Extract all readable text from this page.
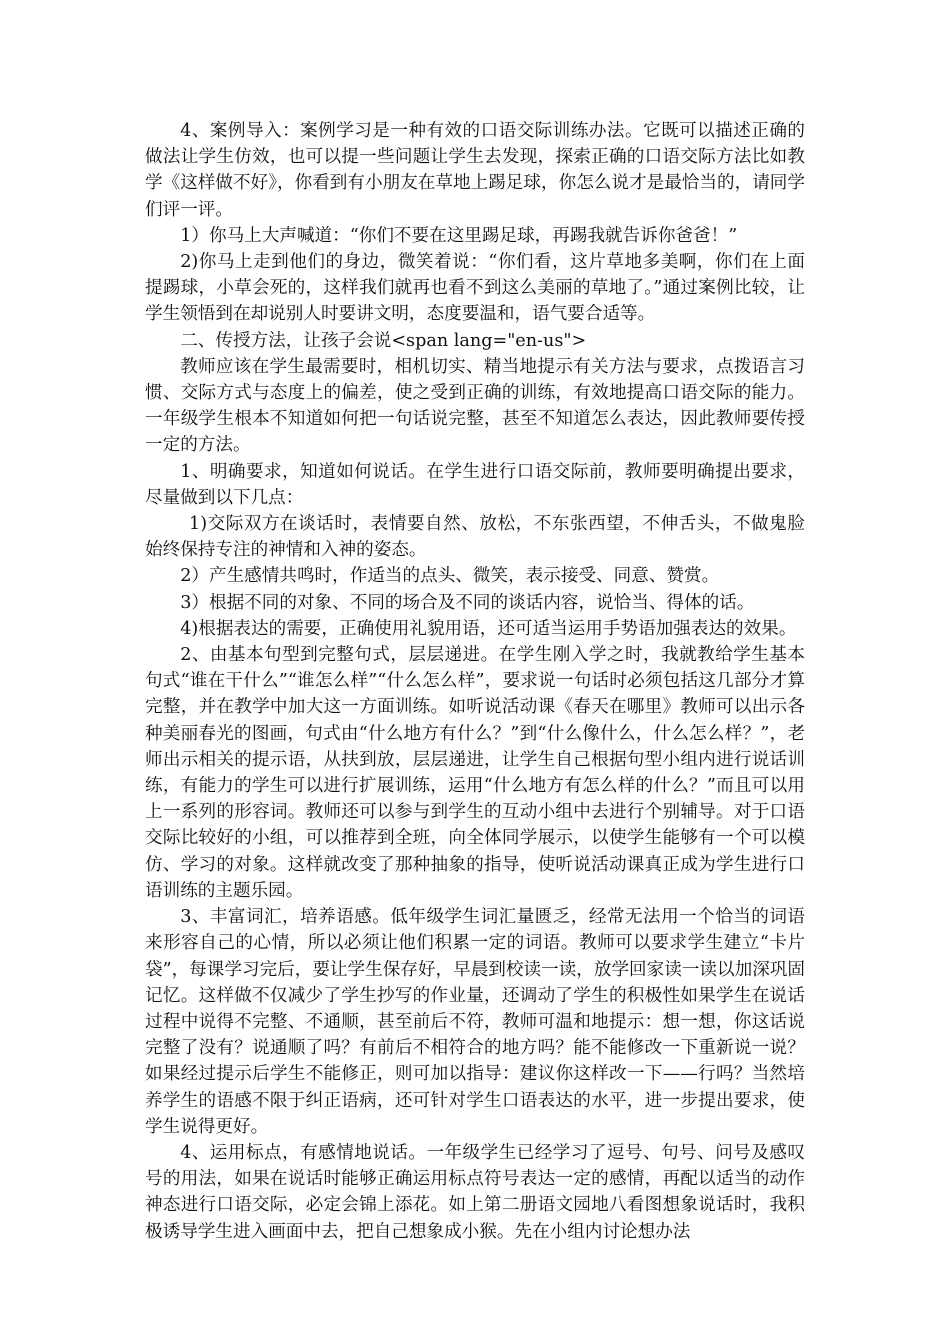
4、案例导入：案例学习是一种有效的口语交际训练办法。它既可以描述正确的做法让学生仿效，也可以提一些问题让学生去发现，探索正确的口语交际方法比如教学《这样做不好》，你看到有小朋友在草地上踢足球，你怎么说才是最恰当的，请同学们评一评。

1）你马上大声喊道：“你们不要在这里踢足球，再踢我就告诉你爸爸！”

2)你马上走到他们的身边，微笑着说：“你们看，这片草地多美啊，你们在上面提踢球，小草会死的，这样我们就再也看不到这么美丽的草地了。”通过案例比较，让学生领悟到在却说别人时要讲文明，态度要温和，语气要合适等。

二、传授方法，让孩子会说<span lang="en-us">

教师应该在学生最需要时，相机切实、精当地提示有关方法与要求，点拨语言习惯、交际方式与态度上的偏差，使之受到正确的训练，有效地提高口语交际的能力。一年级学生根本不知道如何把一句话说完整，甚至不知道怎么表达，因此教师要传授一定的方法。

1、明确要求，知道如何说话。在学生进行口语交际前，教师要明确提出要求，尽量做到以下几点：

1)交际双方在谈话时，表情要自然、放松，不东张西望，不伸舌头，不做鬼脸始终保持专注的神情和入神的姿态。

2）产生感情共鸣时，作适当的点头、微笑，表示接受、同意、赞赏。

3）根据不同的对象、不同的场合及不同的谈话内容，说恰当、得体的话。

4)根据表达的需要，正确使用礼貌用语，还可适当运用手势语加强表达的效果。

2、由基本句型到完整句式，层层递进。在学生刚入学之时，我就教给学生基本句式“谁在干什么”“谁怎么样”“什么怎么样”，要求说一句话时必须包括这几部分才算完整，并在教学中加大这一方面训练。如听说活动课《春天在哪里》教师可以出示各种美丽春光的图画，句式由“什么地方有什么？”到“什么像什么，什么怎么样？”，老师出示相关的提示语，从扶到放，层层递进，让学生自己根据句型小组内进行说话训练，有能力的学生可以进行扩展训练，运用“什么地方有怎么样的什么？”而且可以用上一系列的形容词。教师还可以参与到学生的互动小组中去进行个别辅导。对于口语交际比较好的小组，可以推荐到全班，向全体同学展示，以使学生能够有一个可以模仿、学习的对象。这样就改变了那种抽象的指导，使听说活动课真正成为学生进行口语训练的主题乐园。

3、丰富词汇，培养语感。低年级学生词汇量匮乏，经常无法用一个恰当的词语来形容自己的心情，所以必须让他们积累一定的词语。教师可以要求学生建立“卡片袋”，每课学习完后，要让学生保存好，早晨到校读一读，放学回家读一读以加深巩固记忆。这样做不仅减少了学生抄写的作业量，还调动了学生的积极性如果学生在说话过程中说得不完整、不通顺，甚至前后不符，教师可温和地提示：想一想，你这话说完整了没有？说通顺了吗？有前后不相符合的地方吗？能不能修改一下重新说一说？如果经过提示后学生不能修正，则可加以指导：建议你这样改一下——行吗？当然培养学生的语感不限于纠正语病，还可针对学生口语表达的水平，进一步提出要求，使学生说得更好。

4、运用标点，有感情地说话。一年级学生已经学习了逗号、句号、问号及感叹号的用法，如果在说话时能够正确运用标点符号表达一定的感情，再配以适当的动作神态进行口语交际，必定会锦上添花。如上第二册语文园地八看图想象说话时，我积极诱导学生进入画面中去，把自己想象成小猴。先在小组内讨论想办法
